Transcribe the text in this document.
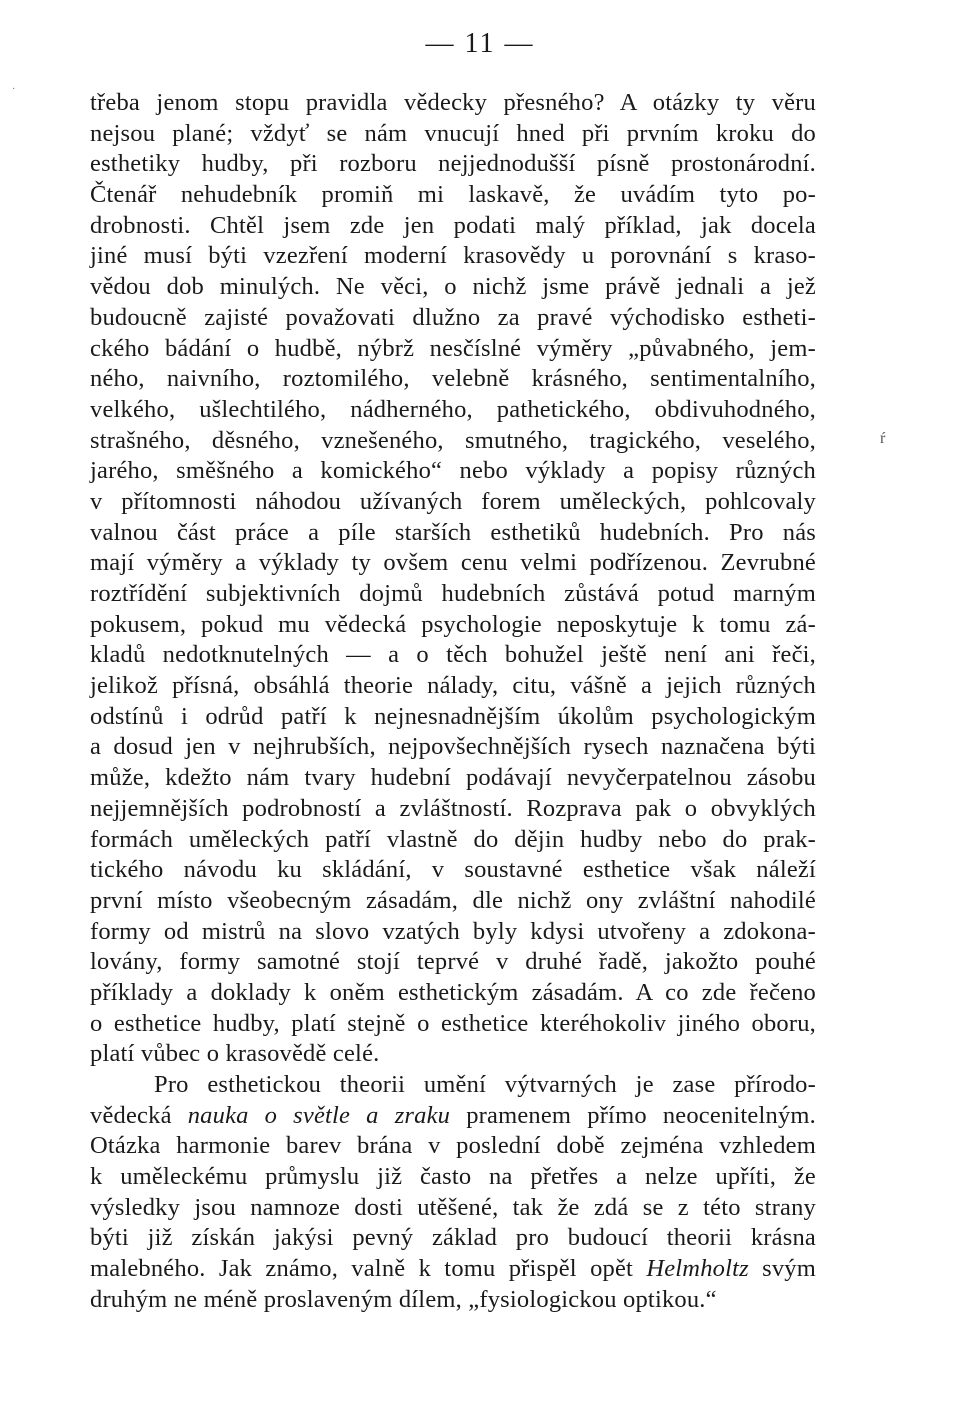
— 11 —
·
ŕ
třeba jenom stopu pravidla vědecky přesného? A otázky ty věru
nejsou plané; vždyť se nám vnucují hned při prvním kroku do
esthetiky hudby, při rozboru nejjednodušší písně prostonárodní.
Čtenář nehudebník promiň mi laskavě, že uvádím tyto po-
drobnosti. Chtěl jsem zde jen podati malý příklad, jak docela
jiné musí býti vzezření moderní krasovědy u porovnání s kraso-
vědou dob minulých. Ne věci, o nichž jsme právě jednali a jež
budoucně zajisté považovati dlužno za pravé východisko estheti-
ckého bádání o hudbě, nýbrž nesčíslné výměry „půvabného, jem-
ného, naivního, roztomilého, velebně krásného, sentimentalního,
velkého, ušlechtilého, nádherného, pathetického, obdivuhodného,
strašného, děsného, vznešeného, smutného, tragického, veselého,
jarého, směšného a komického“ nebo výklady a popisy různých
v přítomnosti náhodou užívaných forem uměleckých, pohlcovaly
valnou část práce a píle starších esthetiků hudebních. Pro nás
mají výměry a výklady ty ovšem cenu velmi podřízenou. Zevrubné
roztřídění subjektivních dojmů hudebních zůstává potud marným
pokusem, pokud mu vědecká psychologie neposkytuje k tomu zá-
kladů nedotknutelných — a o těch bohužel ještě není ani řeči,
jelikož přísná, obsáhlá theorie nálady, citu, vášně a jejich různých
odstínů i odrůd patří k nejnesnadnějším úkolům psychologickým
a dosud jen v nejhrubších, nejpovšechnějších rysech naznačena býti
může, kdežto nám tvary hudební podávají nevyčerpatelnou zásobu
nejjemnějších podrobností a zvláštností. Rozprava pak o obvyklých
formách uměleckých patří vlastně do dějin hudby nebo do prak-
tického návodu ku skládání, v soustavné esthetice však náleží
první místo všeobecným zásadám, dle nichž ony zvláštní nahodilé
formy od mistrů na slovo vzatých byly kdysi utvořeny a zdokona-
lovány, formy samotné stojí teprvé v druhé řadě, jakožto pouhé
příklady a doklady k oněm esthetickým zásadám. A co zde řečeno
o esthetice hudby, platí stejně o esthetice kteréhokoliv jiného oboru,
platí vůbec o krasovědě celé.
Pro esthetickou theorii umění výtvarných je zase přírodo-
vědecká nauka o světle a zraku pramenem přímo neocenitelným.
Otázka harmonie barev brána v poslední době zejména vzhledem
k uměleckému průmyslu již často na přetřes a nelze upříti, že
výsledky jsou namnoze dosti utěšené, tak že zdá se z této strany
býti již získán jakýsi pevný základ pro budoucí theorii krásna
malebného. Jak známo, valně k tomu přispěl opět Helmholtz svým
druhým ne méně proslaveným dílem, „fysiologickou optikou.“
